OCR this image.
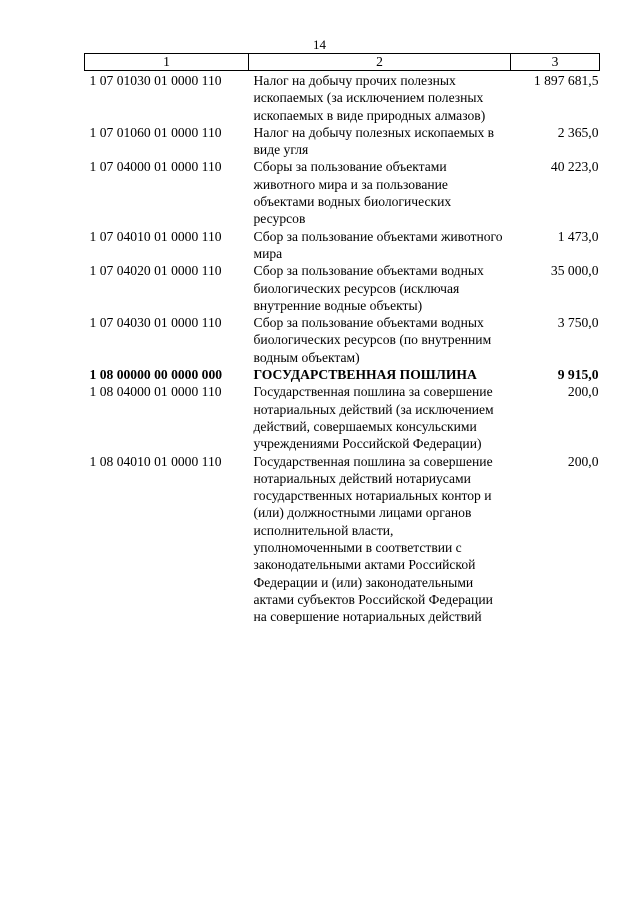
14
1	2	3
1 07 01030 01 0000 110	Налог на добычу прочих полезных ископаемых (за исключением полезных ископаемых в виде природных алмазов)	1 897 681,5
1 07 01060 01 0000 110	Налог на добычу полезных ископаемых в виде угля	2 365,0
1 07 04000 01 0000 110	Сборы за пользование объектами животного мира и за пользование объектами водных биологических ресурсов	40 223,0
1 07 04010 01 0000 110	Сбор за пользование объектами животного мира	1 473,0
1 07 04020 01 0000 110	Сбор за пользование объектами водных биологических ресурсов (исключая внутренние водные объекты)	35 000,0
1 07 04030 01 0000 110	Сбор за пользование объектами водных биологических ресурсов (по внутренним водным объектам)	3 750,0
1 08 00000 00 0000 000	ГОСУДАРСТВЕННАЯ ПОШЛИНА	9 915,0
1 08 04000 01 0000 110	Государственная пошлина за совершение нотариальных действий (за исключением действий, совершаемых консульскими учреждениями Российской Федерации)	200,0
1 08 04010 01 0000 110	Государственная пошлина за совершение нотариальных действий нотариусами государственных нотариальных контор и (или) должностными лицами органов исполнительной власти, уполномоченными в соответствии с законодательными актами Российской Федерации и (или) законодательными актами субъектов Российской Федерации на совершение нотариальных действий	200,0
